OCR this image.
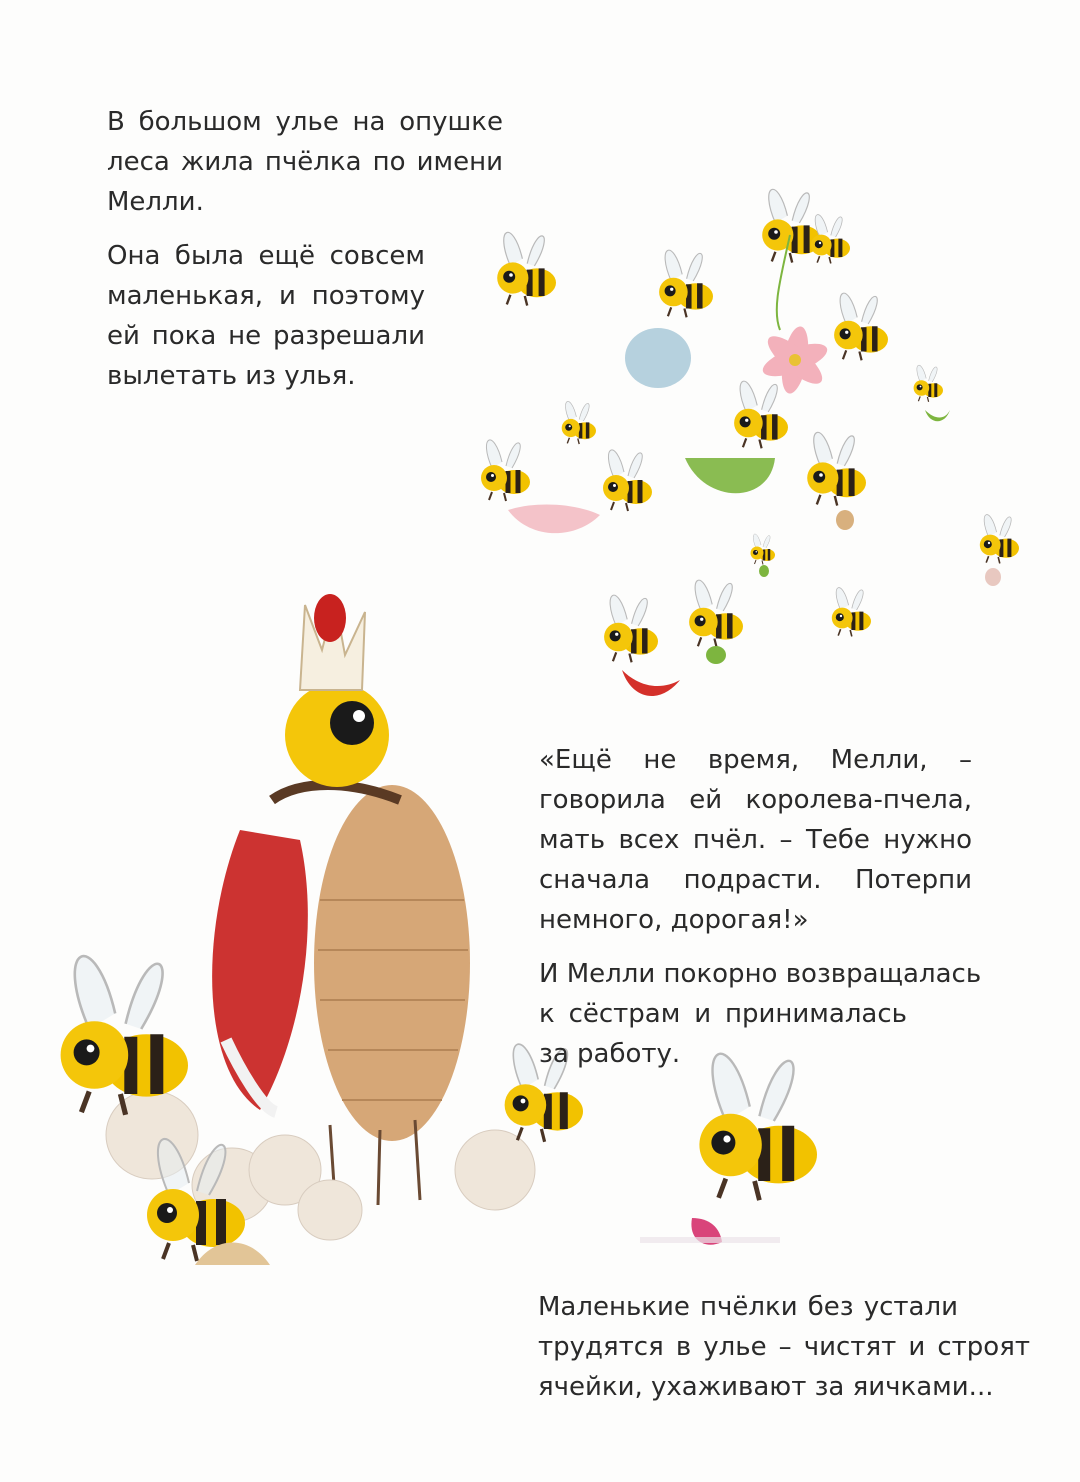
В большом улье на опушке
леса жила пчёлка по имени
Мелли.
Она была ещё совсем
маленькая, и поэтому
ей пока не разрешали
вылетать из улья.
«Ещё не время, Мелли, –
говорила ей королева-пчела,
мать всех пчёл. – Тебе нужно
сначала подрасти. Потерпи
немного, дорогая!»
И Мелли покорно возвращалась
к сёстрам и принималась
за работу.
Маленькие пчёлки без устали
трудятся в улье – чистят и строят
ячейки, ухаживают за яичками...
